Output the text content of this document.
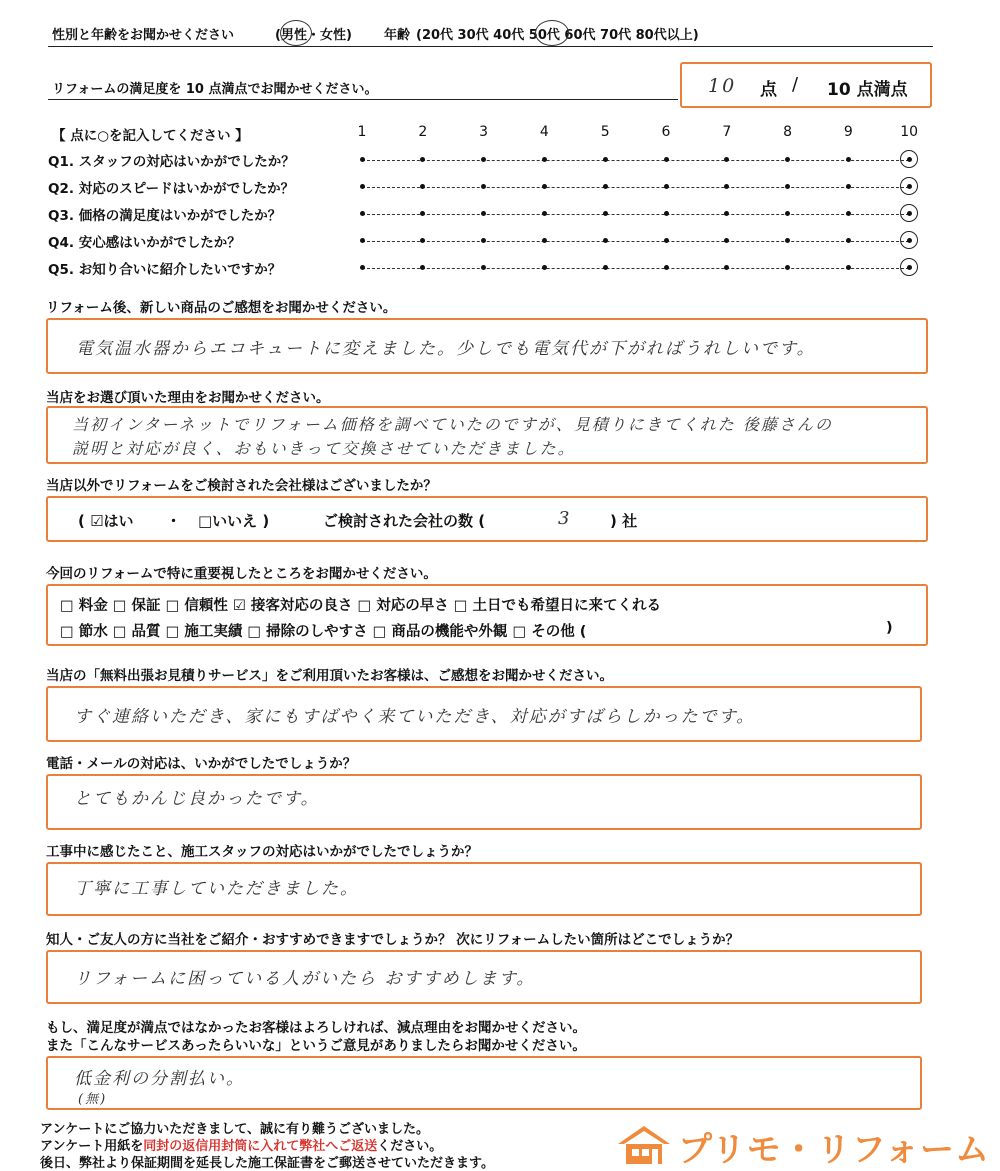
性別と年齢をお聞かせください	(男性・女性) 年齢 (20代 30代 40代 50代 60代 70代 80代以上)
リフォームの満足度を 10 点満点でお聞かせください。	10 点 / 10 点満点
【 点に○を記入してください 】	1	2	3	4	5	6	7	8	9	10
Q1. スタッフの対応はいかがでしたか？
Q2. 対応のスピードはいかがでしたか？
Q3. 価格の満足度はいかがでしたか？
Q4. 安心感はいかがでしたか？
Q5. お知り合いに紹介したいですか？
リフォーム後、新しい商品のご感想をお聞かせください。
電気温水器からエコキュートに変えました。少しでも電気代が下がればうれしいです。
当店をお選び頂いた理由をお聞かせください。
当初インターネットでリフォーム価格を調べていたのですが、見積りにきてくれた 後藤さんの
説明と対応が良く、おもいきって交換させていただきました。
当店以外でリフォームをご検討された会社様はございましたか？
( ☑はい ・ □いいえ )	ご検討された会社の数 (	3	) 社
今回のリフォームで特に重要視したところをお聞かせください。
□ 料金 □ 保証 □ 信頼性 ☑ 接客対応の良さ □ 対応の早さ □ 土日でも希望日に来てくれる
□ 節水 □ 品質 □ 施工実績 □ 掃除のしやすさ □ 商品の機能や外観 □ その他 (	)
当店の「無料出張お見積りサービス」をご利用頂いたお客様は、ご感想をお聞かせください。
すぐ連絡いただき、家にもすばやく来ていただき、対応がすばらしかったです。
電話・メールの対応は、いかがでしたでしょうか？
とてもかんじ良かったです。
工事中に感じたこと、施工スタッフの対応はいかがでしたでしょうか？
丁寧に工事していただきました。
知人・ご友人の方に当社をご紹介・おすすめできますでしょうか？ 次にリフォームしたい箇所はどこでしょうか？
リフォームに困っている人がいたら おすすめします。
もし、満足度が満点ではなかったお客様はよろしければ、減点理由をお聞かせください。
また「こんなサービスあったらいいな」というご意見がありましたらお聞かせください。
低金利の分割払い。
(無)
アンケートにご協力いただきまして、誠に有り難うございました。
アンケート用紙を同封の返信用封筒に入れて弊社へご返送ください。
後日、弊社より保証期間を延長した施工保証書をご郵送させていただきます。	プリモ・リフォーム
